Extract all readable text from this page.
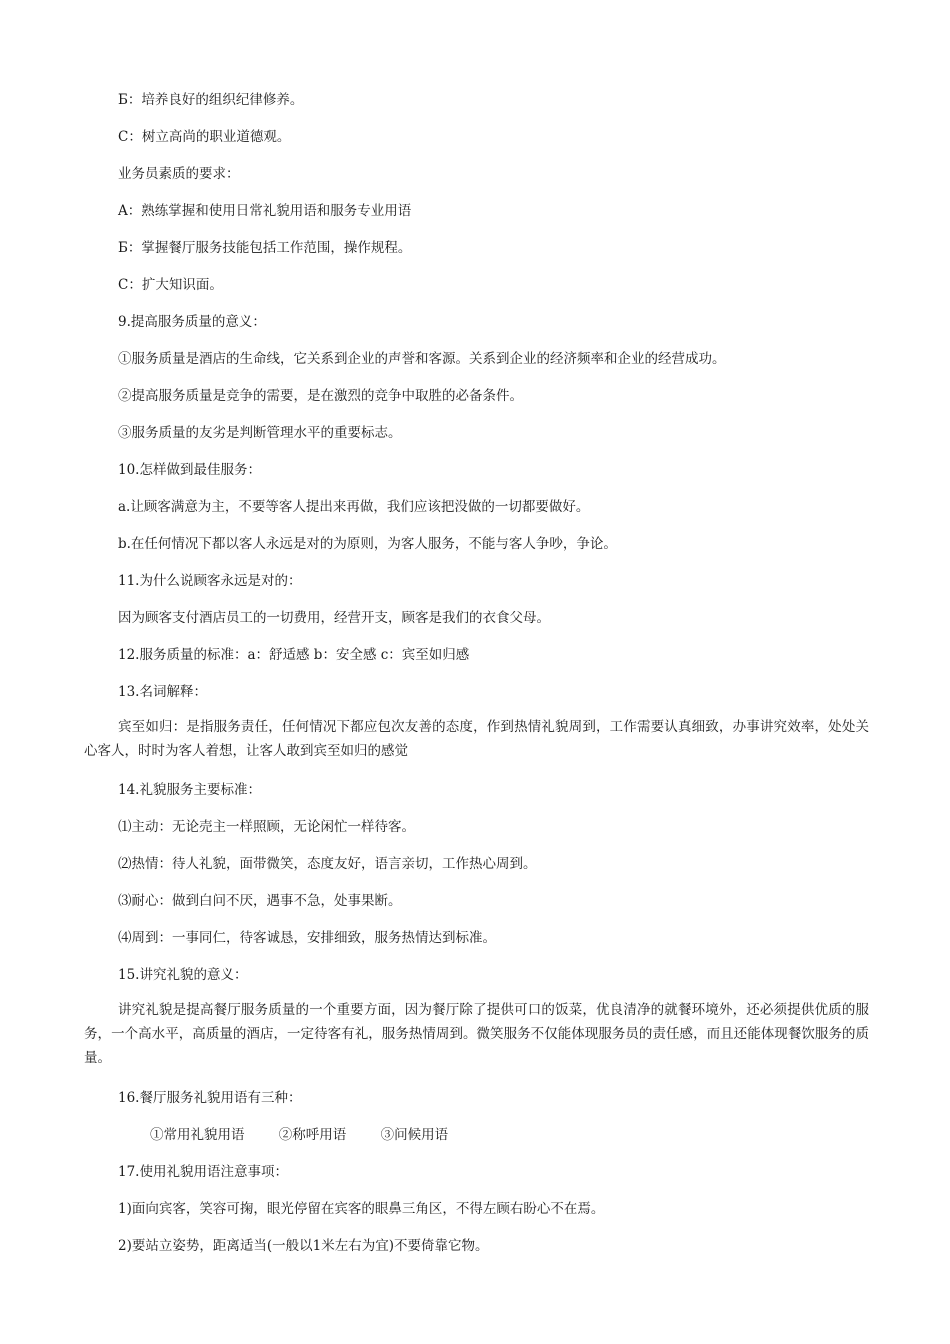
Б：培养良好的组织纪律修养。

C：树立高尚的职业道德观。

业务员素质的要求：

A：熟练掌握和使用日常礼貌用语和服务专业用语

Б：掌握餐厅服务技能包括工作范围，操作规程。

C：扩大知识面。

9.提高服务质量的意义：

①服务质量是酒店的生命线，它关系到企业的声誉和客源。关系到企业的经济频率和企业的经营成功。

②提高服务质量是竞争的需要，是在激烈的竞争中取胜的必备条件。

③服务质量的友劣是判断管理水平的重要标志。

10.怎样做到最佳服务：

a.让顾客满意为主，不要等客人提出来再做，我们应该把没做的一切都要做好。

b.在任何情况下都以客人永远是对的为原则，为客人服务，不能与客人争吵，争论。

11.为什么说顾客永远是对的：

因为顾客支付酒店员工的一切费用，经营开支，顾客是我们的衣食父母。

12.服务质量的标准：a：舒适感 b：安全感 c：宾至如归感

13.名词解释：

宾至如归：是指服务责任，任何情况下都应包次友善的态度，作到热情礼貌周到，工作需要认真细致，办事讲究效率，处处关心客人，时时为客人着想，让客人敢到宾至如归的感觉

14.礼貌服务主要标准：

⑴主动：无论売主一样照顾，无论闲忙一样待客。

⑵热情：待人礼貌，面带微笑，态度友好，语言亲切，工作热心周到。

⑶耐心：做到白问不厌，遇事不急，处事果断。

⑷周到：一事同仁，待客诚恳，安排细致，服务热情达到标准。

15.讲究礼貌的意义：

讲究礼貌是提高餐厅服务质量的一个重要方面，因为餐厅除了提供可口的饭菜，优良清净的就餐环境外，还必须提供优质的服务，一个高水平，高质量的酒店，一定待客有礼，服务热情周到。微笑服务不仅能体现服务员的责任感，而且还能体现餐饮服务的质量。

16.餐厅服务礼貌用语有三种：

①常用礼貌用语	②称呼用语	③问候用语

17.使用礼貌用语注意事项：

1)面向宾客，笑容可掬，眼光停留在宾客的眼鼻三角区，不得左顾右盼心不在焉。

2)要站立姿势，距离适当(一般以1米左右为宜)不要倚靠它物。
